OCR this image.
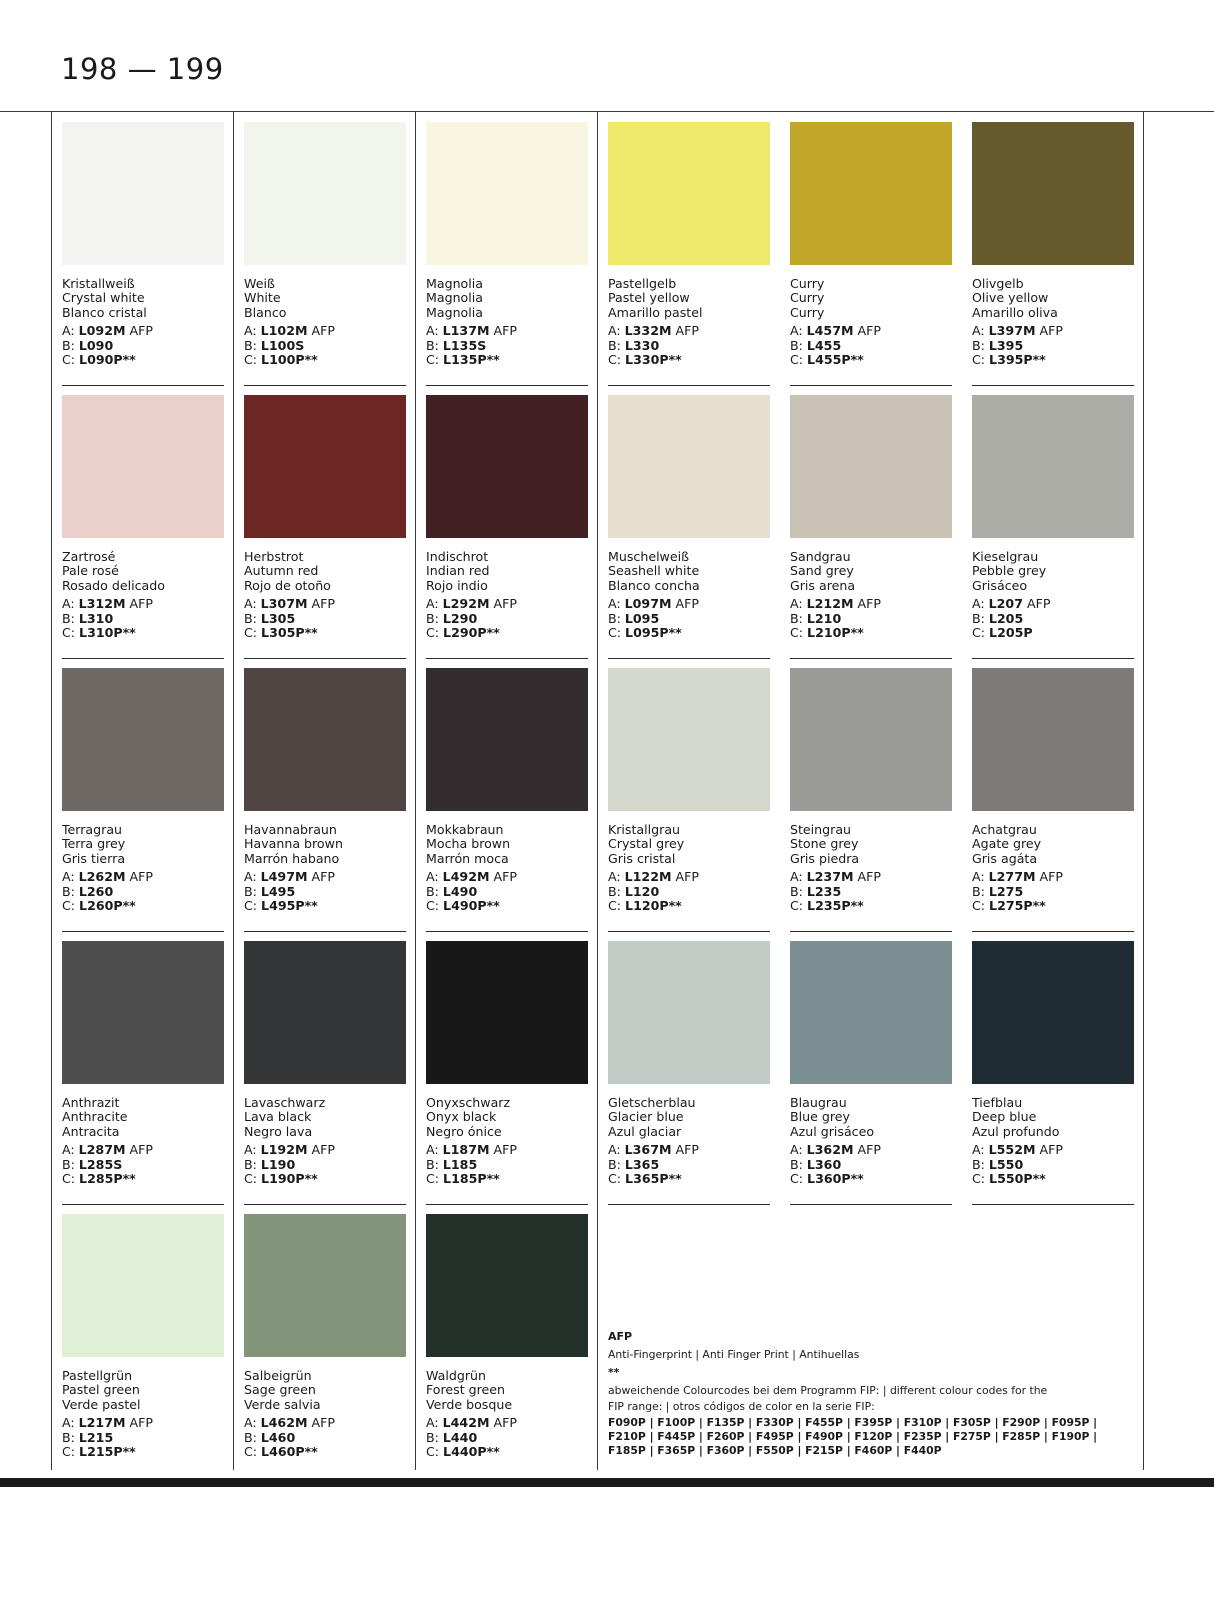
198 — 199
Kristallweiß
Crystal white
Blanco cristal
A: L092M AFP
B: L090
C: L090P**
Weiß
White
Blanco
A: L102M AFP
B: L100S
C: L100P**
Magnolia
Magnolia
Magnolia
A: L137M AFP
B: L135S
C: L135P**
Pastellgelb
Pastel yellow
Amarillo pastel
A: L332M AFP
B: L330
C: L330P**
Curry
Curry
Curry
A: L457M AFP
B: L455
C: L455P**
Olivgelb
Olive yellow
Amarillo oliva
A: L397M AFP
B: L395
C: L395P**
Zartrosé
Pale rosé
Rosado delicado
A: L312M AFP
B: L310
C: L310P**
Herbstrot
Autumn red
Rojo de otoño
A: L307M AFP
B: L305
C: L305P**
Indischrot
Indian red
Rojo indio
A: L292M AFP
B: L290
C: L290P**
Muschelweiß
Seashell white
Blanco concha
A: L097M AFP
B: L095
C: L095P**
Sandgrau
Sand grey
Gris arena
A: L212M AFP
B: L210
C: L210P**
Kieselgrau
Pebble grey
Grisáceo
A: L207 AFP
B: L205
C: L205P
Terragrau
Terra grey
Gris tierra
A: L262M AFP
B: L260
C: L260P**
Havannabraun
Havanna brown
Marrón habano
A: L497M AFP
B: L495
C: L495P**
Mokkabraun
Mocha brown
Marrón moca
A: L492M AFP
B: L490
C: L490P**
Kristallgrau
Crystal grey
Gris cristal
A: L122M AFP
B: L120
C: L120P**
Steingrau
Stone grey
Gris piedra
A: L237M AFP
B: L235
C: L235P**
Achatgrau
Agate grey
Gris agáta
A: L277M AFP
B: L275
C: L275P**
Anthrazit
Anthracite
Antracita
A: L287M AFP
B: L285S
C: L285P**
Lavaschwarz
Lava black
Negro lava
A: L192M AFP
B: L190
C: L190P**
Onyxschwarz
Onyx black
Negro ónice
A: L187M AFP
B: L185
C: L185P**
Gletscherblau
Glacier blue
Azul glaciar
A: L367M AFP
B: L365
C: L365P**
Blaugrau
Blue grey
Azul grisáceo
A: L362M AFP
B: L360
C: L360P**
Tiefblau
Deep blue
Azul profundo
A: L552M AFP
B: L550
C: L550P**
Pastellgrün
Pastel green
Verde pastel
A: L217M AFP
B: L215
C: L215P**
Salbeigrün
Sage green
Verde salvia
A: L462M AFP
B: L460
C: L460P**
Waldgrün
Forest green
Verde bosque
A: L442M AFP
B: L440
C: L440P**
AFP
Anti-Fingerprint | Anti Finger Print | Antihuellas
**
abweichende Colourcodes bei dem Programm FIP: | different colour codes for the
FIP range: | otros códigos de color en la serie FIP:
F090P | F100P | F135P | F330P | F455P | F395P | F310P | F305P | F290P | F095P |
F210P | F445P | F260P | F495P | F490P | F120P | F235P | F275P | F285P | F190P |
F185P | F365P | F360P | F550P | F215P | F460P | F440P
